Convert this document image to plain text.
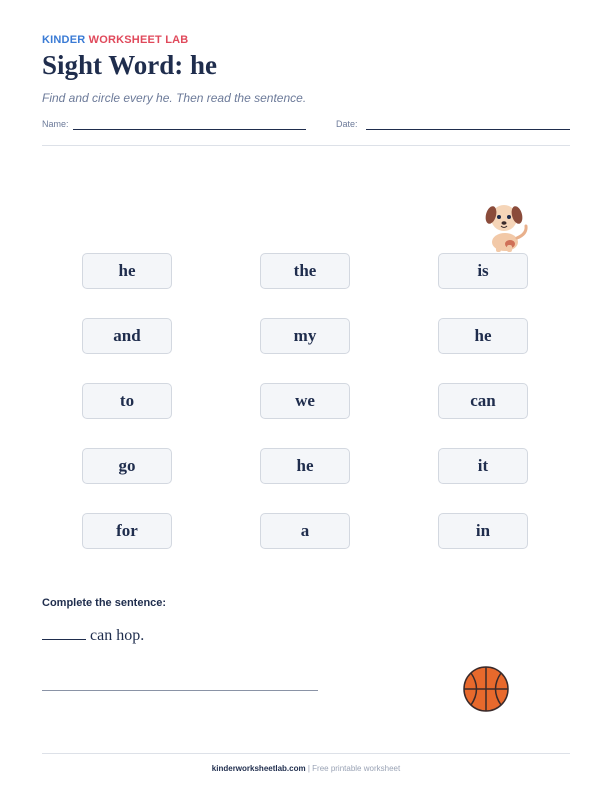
KINDER WORKSHEET LAB
Sight Word: he
Find and circle every he. Then read the sentence.
Name:	Date:
he	the	is
and	my	he
to	we	can
go	he	it
for	a	in
Complete the sentence:
can hop.
kinderworksheetlab.com | Free printable worksheet
